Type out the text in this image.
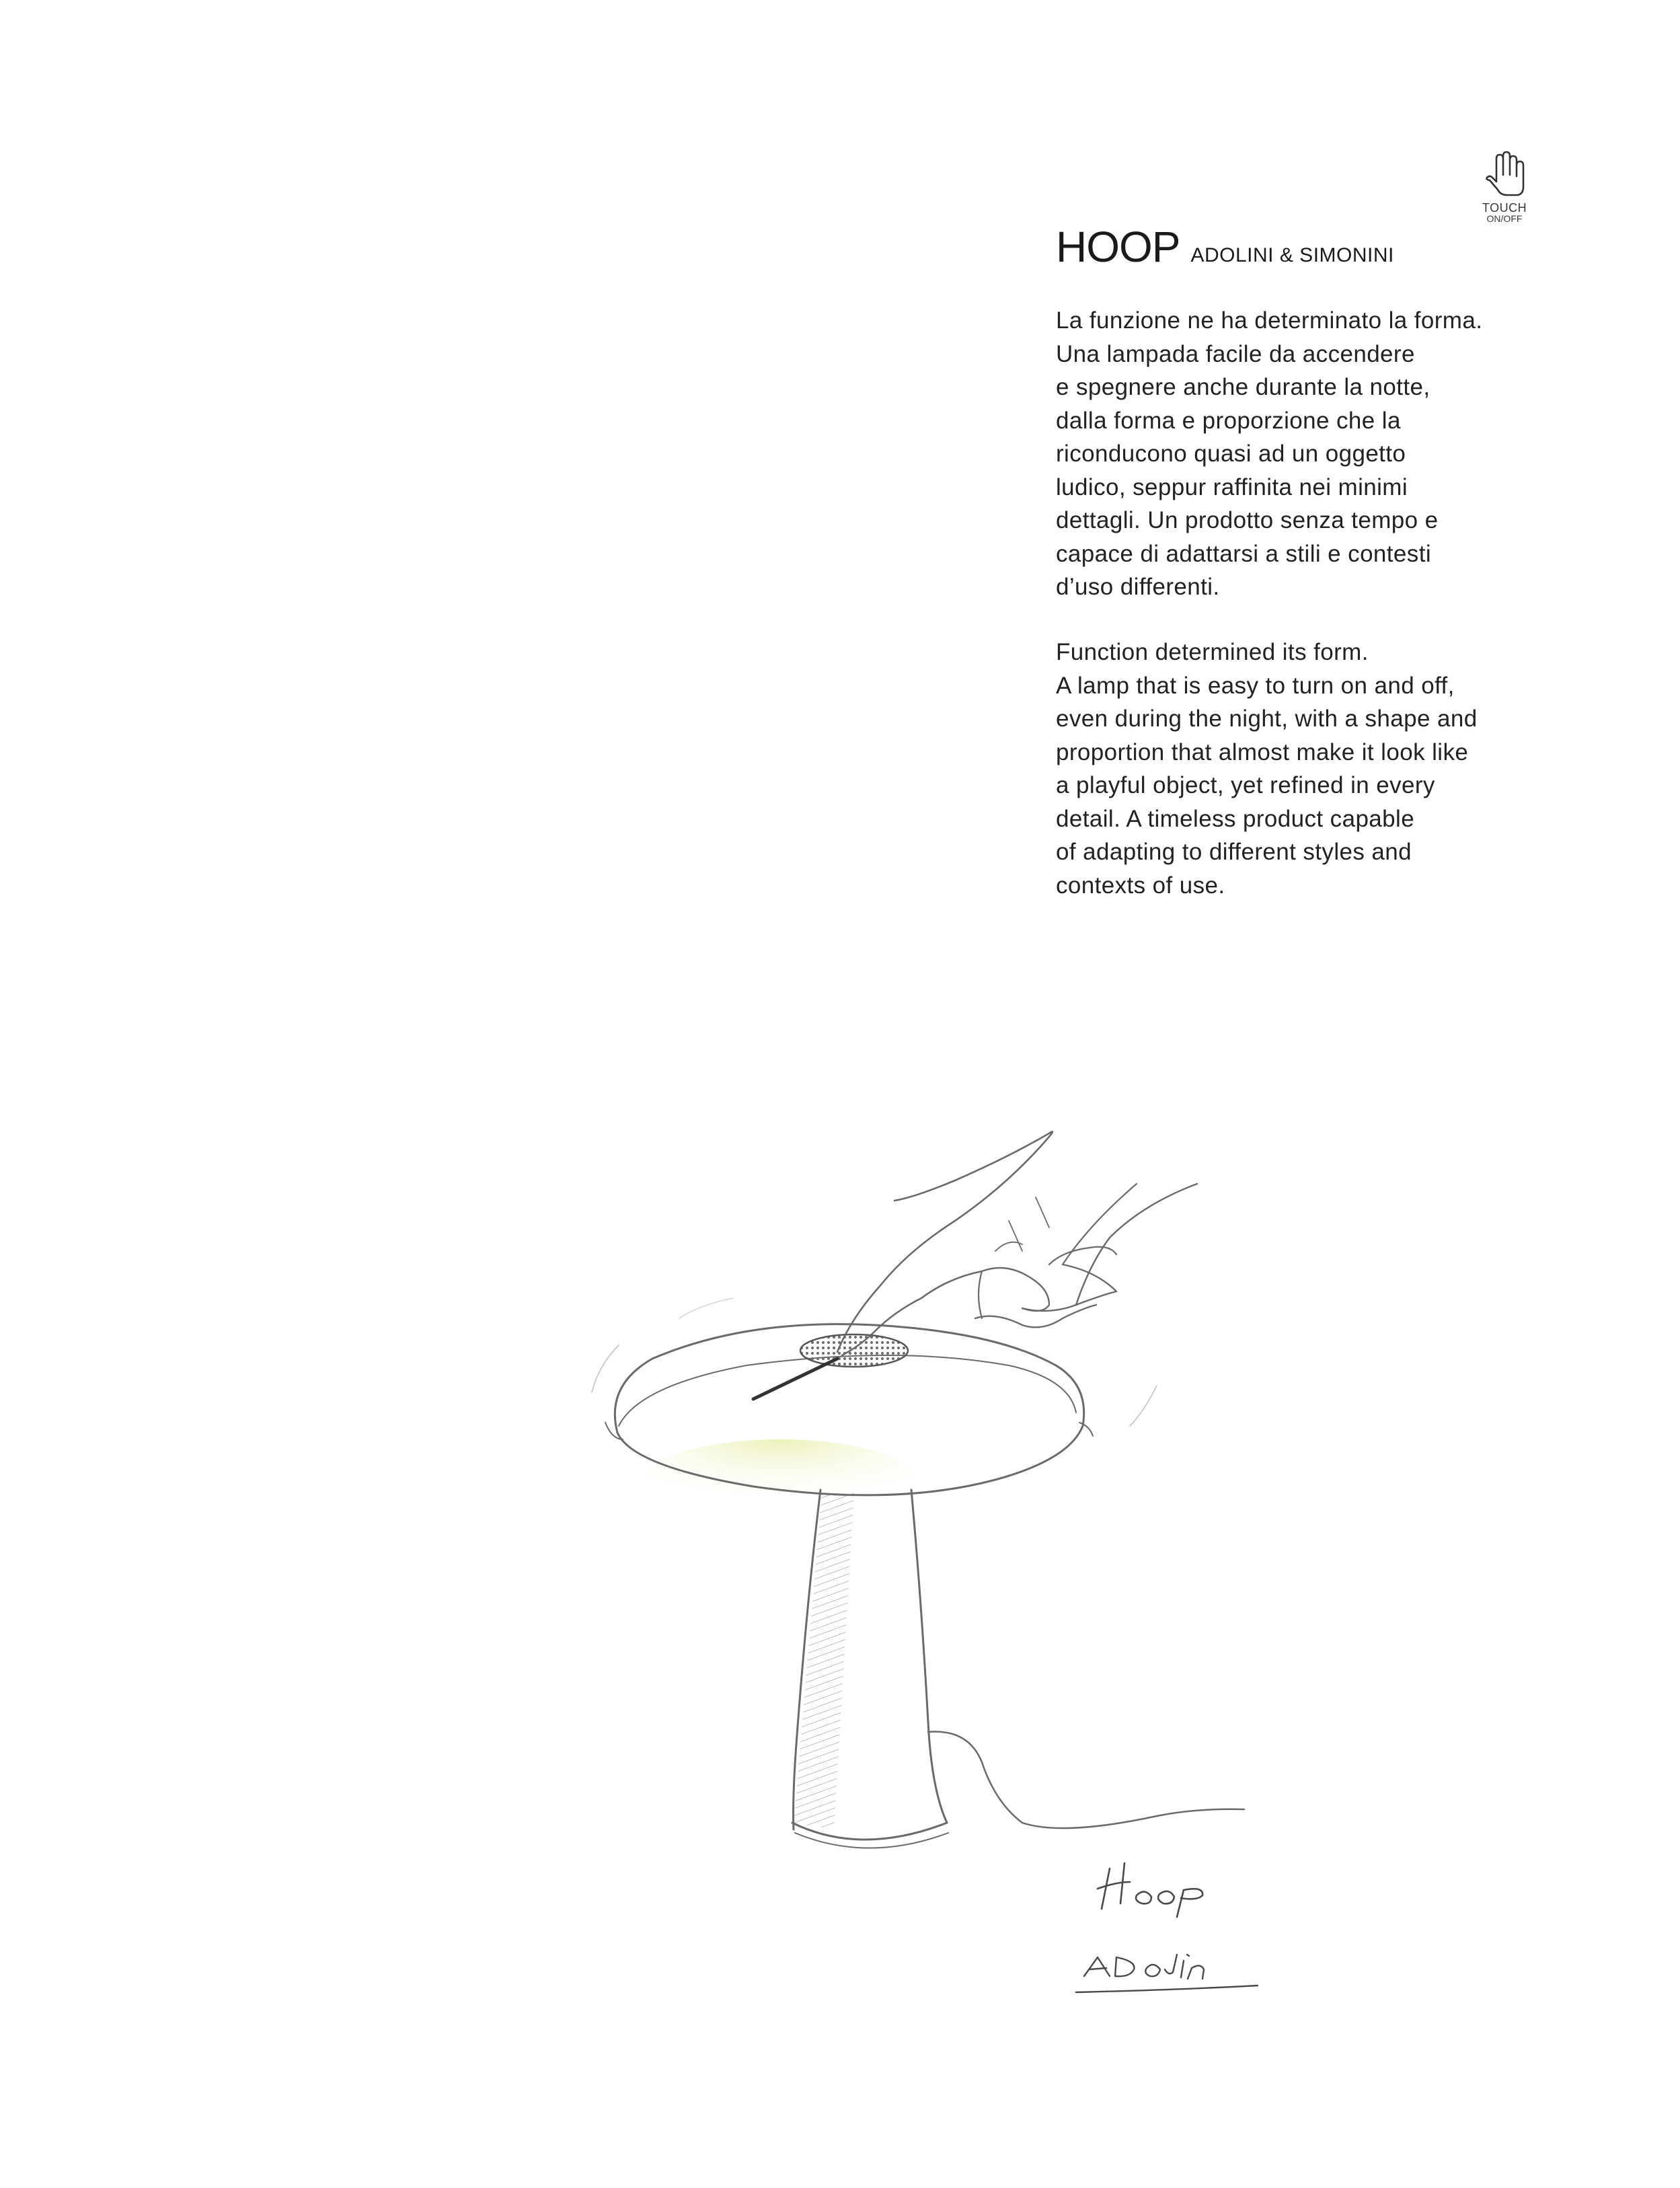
TOUCH
ON/OFF
HOOP ADOLINI & SIMONINI
La funzione ne ha determinato la forma.
Una lampada facile da accendere
e spegnere anche durante la notte,
dalla forma e proporzione che la
riconducono quasi ad un oggetto
ludico, seppur raffinita nei minimi
dettagli. Un prodotto senza tempo e
capace di adattarsi a stili e contesti
d’uso differenti.
Function determined its form.
A lamp that is easy to turn on and off,
even during the night, with a shape and
proportion that almost make it look like
a playful object, yet refined in every
detail. A timeless product capable
of adapting to different styles and
contexts of use.
